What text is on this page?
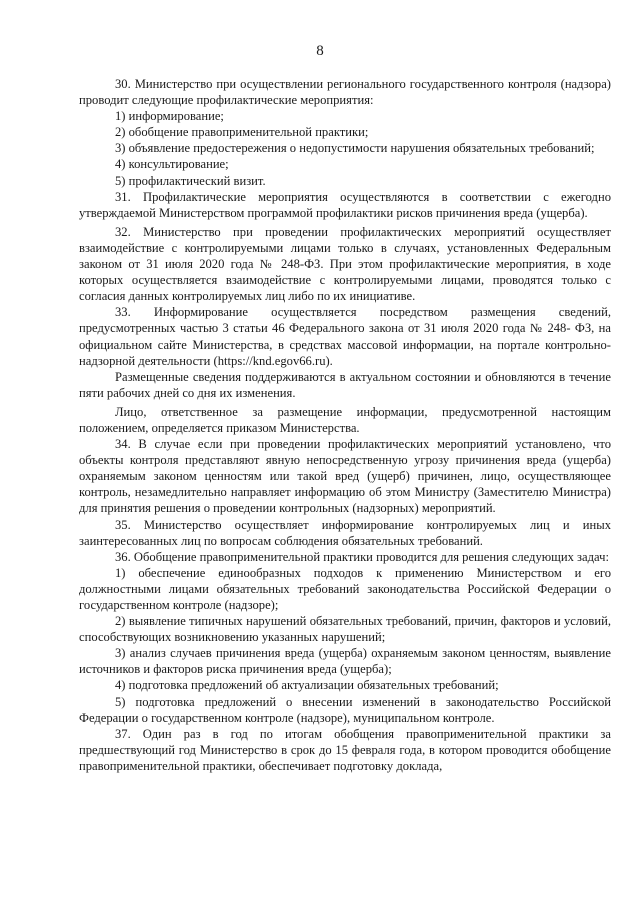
8

30. Министерство при осуществлении регионального государственного контроля (надзора) проводит следующие профилактические мероприятия:

1) информирование;

2) обобщение правоприменительной практики;

3) объявление предостережения о недопустимости нарушения обязательных требований;

4) консультирование;

5) профилактический визит.

31. Профилактические мероприятия осуществляются в соответствии с ежегодно утверждаемой Министерством программой профилактики рисков причинения вреда (ущерба).

32. Министерство при проведении профилактических мероприятий осуществляет взаимодействие с контролируемыми лицами только в случаях, установленных Федеральным законом от 31 июля 2020 года № 248-ФЗ. При этом профилактические мероприятия, в ходе которых осуществляется взаимодействие с контролируемыми лицами, проводятся только с согласия данных контролируемых лиц либо по их инициативе.

33. Информирование осуществляется посредством размещения сведений, предусмотренных частью 3 статьи 46 Федерального закона от 31 июля 2020 года № 248- ФЗ, на официальном сайте Министерства, в средствах массовой информации, на портале контрольно-надзорной деятельности (https://knd.egov66.ru).

Размещенные сведения поддерживаются в актуальном состоянии и обновляются в течение пяти рабочих дней со дня их изменения.

Лицо, ответственное за размещение информации, предусмотренной настоящим положением, определяется приказом Министерства.

34. В случае если при проведении профилактических мероприятий установлено, что объекты контроля представляют явную непосредственную угрозу причинения вреда (ущерба) охраняемым законом ценностям или такой вред (ущерб) причинен, лицо, осуществляющее контроль, незамедлительно направляет информацию об этом Министру (Заместителю Министра) для принятия решения о проведении контрольных (надзорных) мероприятий.

35. Министерство осуществляет информирование контролируемых лиц и иных заинтересованных лиц по вопросам соблюдения обязательных требований.

36. Обобщение правоприменительной практики проводится для решения следующих задач:

1) обеспечение единообразных подходов к применению Министерством и его должностными лицами обязательных требований законодательства Российской Федерации о государственном контроле (надзоре);

2) выявление типичных нарушений обязательных требований, причин, факторов и условий, способствующих возникновению указанных нарушений;

3) анализ случаев причинения вреда (ущерба) охраняемым законом ценностям, выявление источников и факторов риска причинения вреда (ущерба);

4) подготовка предложений об актуализации обязательных требований;

5) подготовка предложений о внесении изменений в законодательство Российской Федерации о государственном контроле (надзоре), муниципальном контроле.

37. Один раз в год по итогам обобщения правоприменительной практики за предшествующий год Министерство в срок до 15 февраля года, в котором проводится обобщение правоприменительной практики, обеспечивает подготовку доклада,
